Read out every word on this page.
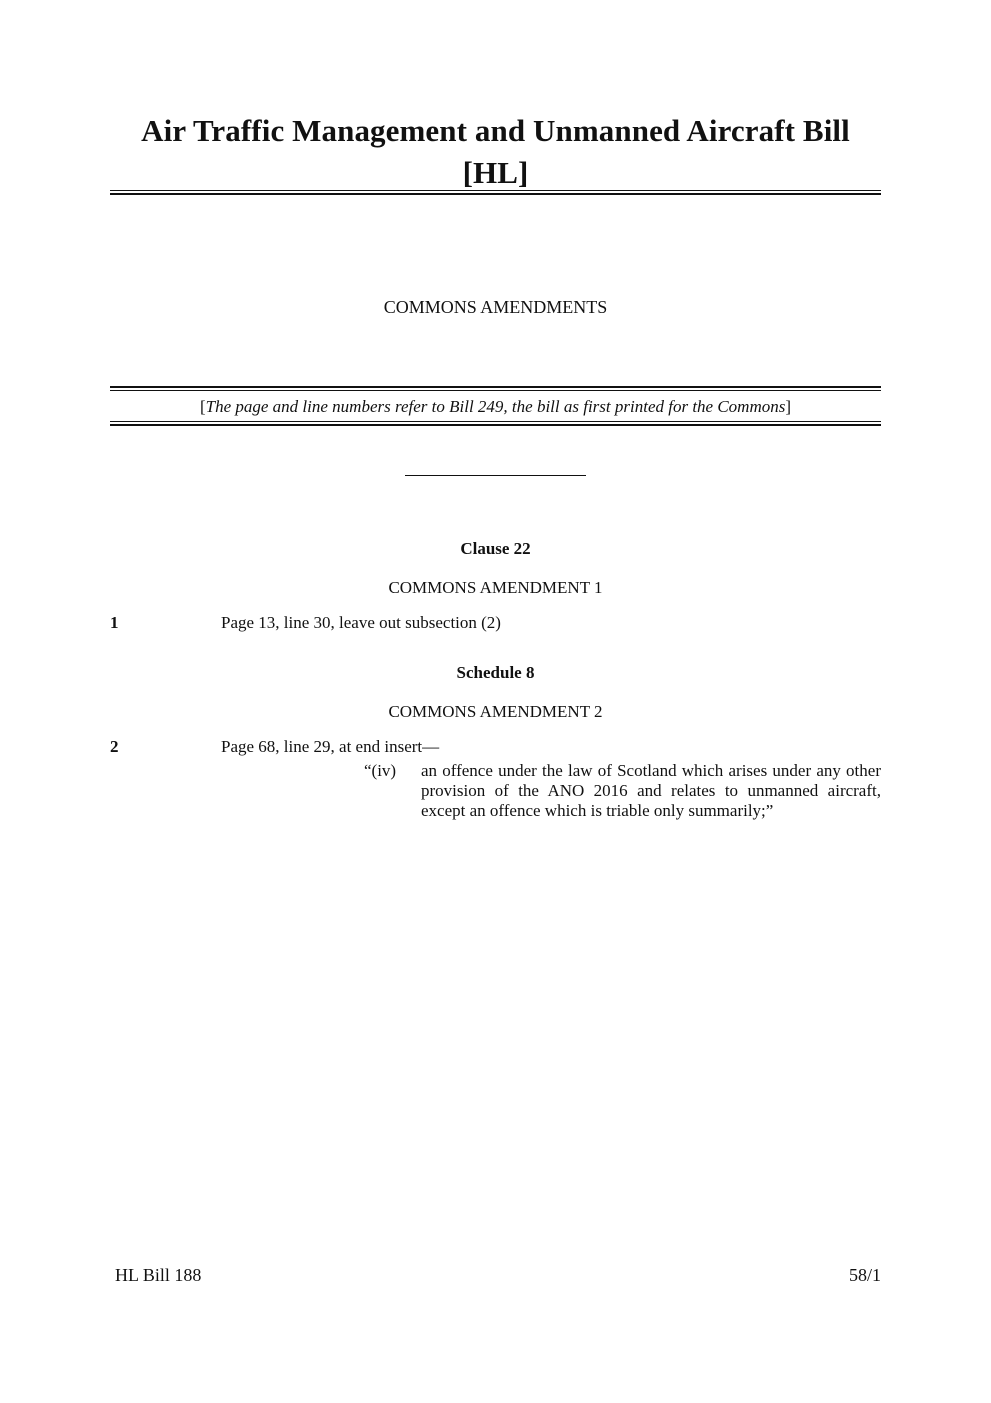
Air Traffic Management and Unmanned Aircraft Bill
[HL]
COMMONS AMENDMENTS
[The page and line numbers refer to Bill 249, the bill as first printed for the Commons]
Clause 22
COMMONS AMENDMENT 1
1	Page 13, line 30, leave out subsection (2)
Schedule 8
COMMONS AMENDMENT 2
2	Page 68, line 29, at end insert—
“(iv) an offence under the law of Scotland which arises under any other provision of the ANO 2016 and relates to unmanned aircraft, except an offence which is triable only summarily;”
HL Bill 188	58/1
